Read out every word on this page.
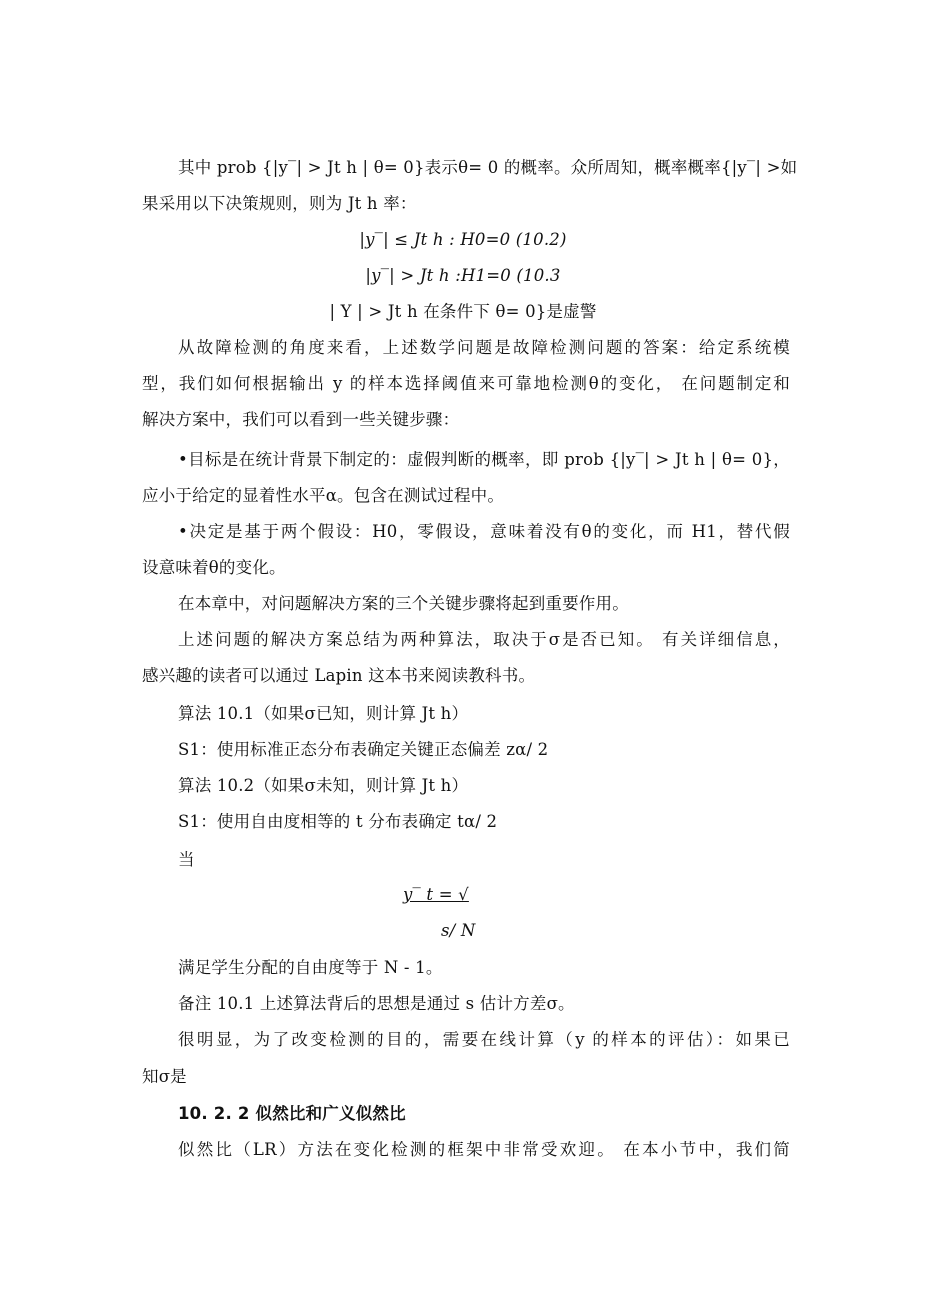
其中 prob {|y‾| > Jt h | θ= 0}表示θ= 0 的概率。众所周知，概率概率{|y‾| >如
果采用以下决策规则，则为 Jt h 率：
|y‾| ≤ Jt h : H0=0 (10.2)
|y‾| > Jt h :H1=0 (10.3
| Y | > Jt h 在条件下 θ= 0}是虚警
从故障检测的角度来看，上述数学问题是故障检测问题的答案：给定系统模
型，我们如何根据输出 y 的样本选择阈值来可靠地检测θ的变化， 在问题制定和
解决方案中，我们可以看到一些关键步骤：
•目标是在统计背景下制定的：虚假判断的概率，即 prob {|y‾| > Jt h | θ= 0}，
应小于给定的显着性水平α。包含在测试过程中。
•决定是基于两个假设：H0，零假设，意味着没有θ的变化，而 H1，替代假
设意味着θ的变化。
在本章中，对问题解决方案的三个关键步骤将起到重要作用。
上述问题的解决方案总结为两种算法，取决于σ是否已知。 有关详细信息，
感兴趣的读者可以通过 Lapin 这本书来阅读教科书。
算法 10.1（如果σ已知，则计算 Jt h）
S1：使用标准正态分布表确定关键正态偏差 zα/ 2
算法 10.2（如果σ未知，则计算 Jt h）
S1：使用自由度相等的 t 分布表确定 tα/ 2
当
y‾ t = √
s/ N
满足学生分配的自由度等于 N - 1。
备注 10.1 上述算法背后的思想是通过 s 估计方差σ。
很明显，为了改变检测的目的，需要在线计算（y 的样本的评估）：如果已
知σ是
10. 2. 2 似然比和广义似然比
似然比（LR）方法在变化检测的框架中非常受欢迎。 在本小节中，我们简
